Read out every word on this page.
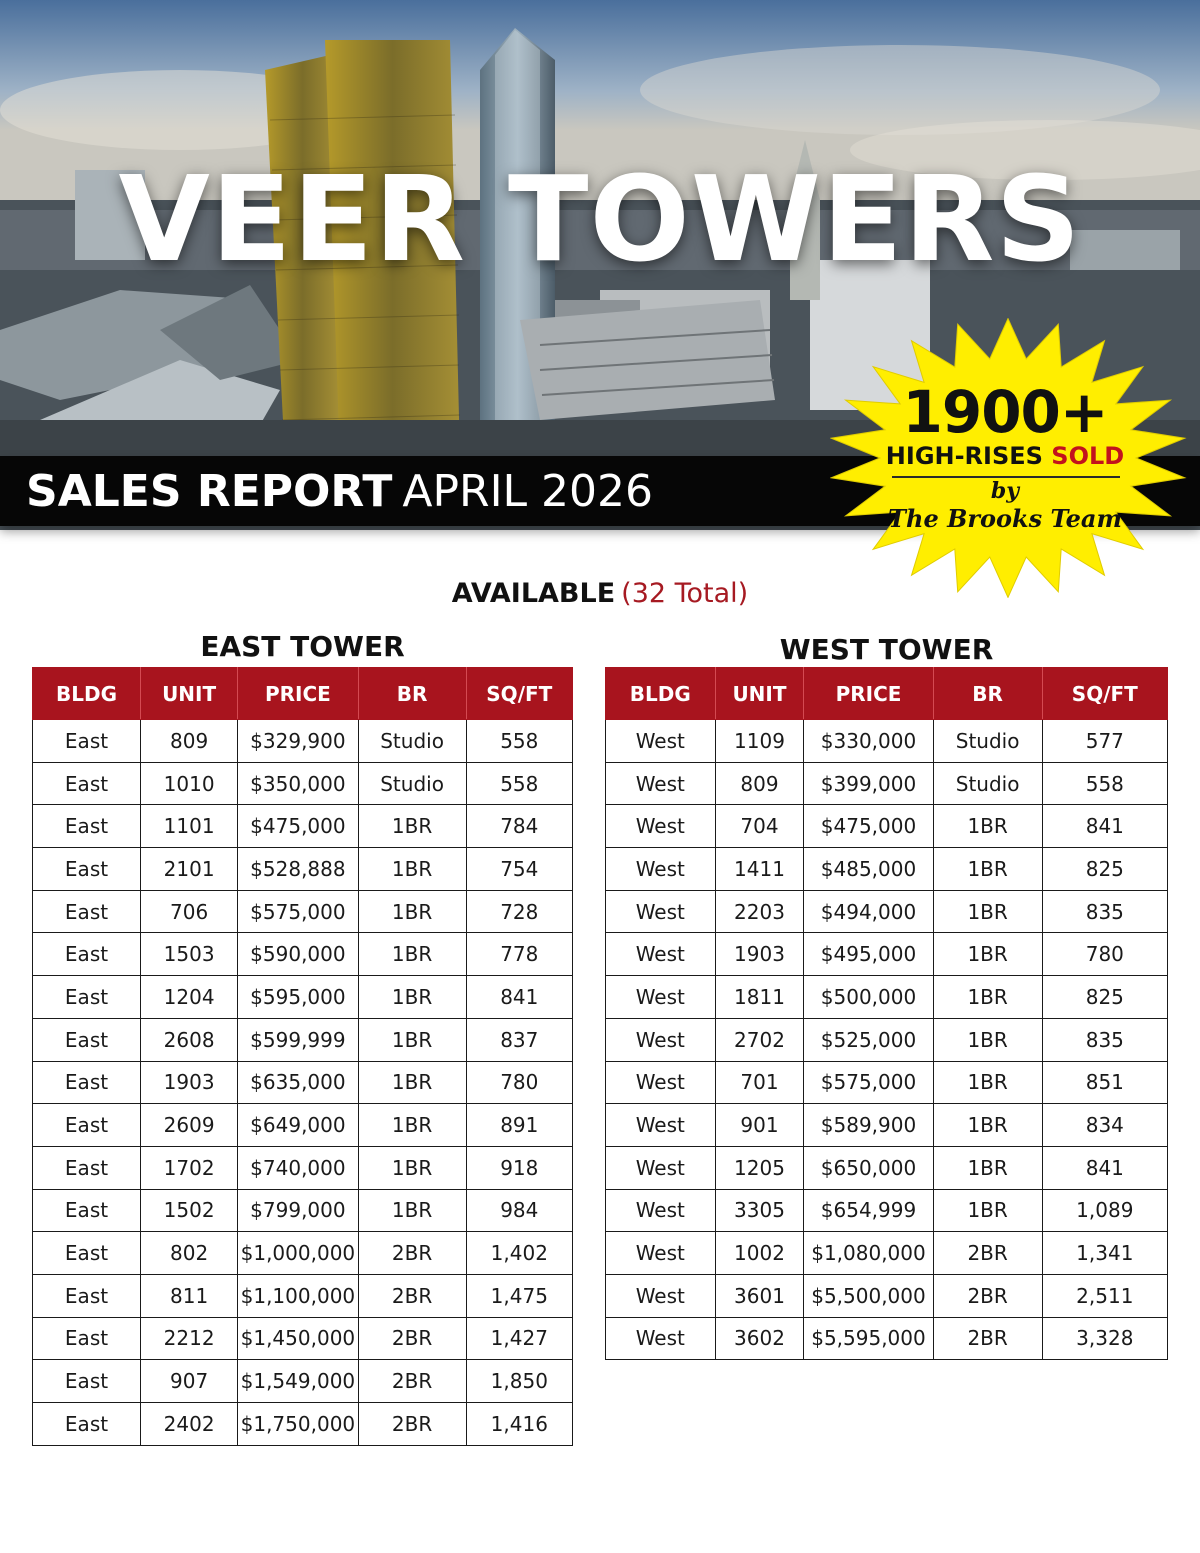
VEER TOWERS
SALES REPORT APRIL 2026
1900+
HIGH-RISES SOLD
by
The Brooks Team
AVAILABLE (32 Total)
EAST TOWER	WEST TOWER
BLDG	UNIT	PRICE	BR	SQ/FT
East	809	$329,900	Studio	558
East	1010	$350,000	Studio	558
East	1101	$475,000	1BR	784
East	2101	$528,888	1BR	754
East	706	$575,000	1BR	728
East	1503	$590,000	1BR	778
East	1204	$595,000	1BR	841
East	2608	$599,999	1BR	837
East	1903	$635,000	1BR	780
East	2609	$649,000	1BR	891
East	1702	$740,000	1BR	918
East	1502	$799,000	1BR	984
East	802	$1,000,000	2BR	1,402
East	811	$1,100,000	2BR	1,475
East	2212	$1,450,000	2BR	1,427
East	907	$1,549,000	2BR	1,850
East	2402	$1,750,000	2BR	1,416
BLDG	UNIT	PRICE	BR	SQ/FT
West	1109	$330,000	Studio	577
West	809	$399,000	Studio	558
West	704	$475,000	1BR	841
West	1411	$485,000	1BR	825
West	2203	$494,000	1BR	835
West	1903	$495,000	1BR	780
West	1811	$500,000	1BR	825
West	2702	$525,000	1BR	835
West	701	$575,000	1BR	851
West	901	$589,900	1BR	834
West	1205	$650,000	1BR	841
West	3305	$654,999	1BR	1,089
West	1002	$1,080,000	2BR	1,341
West	3601	$5,500,000	2BR	2,511
West	3602	$5,595,000	2BR	3,328
